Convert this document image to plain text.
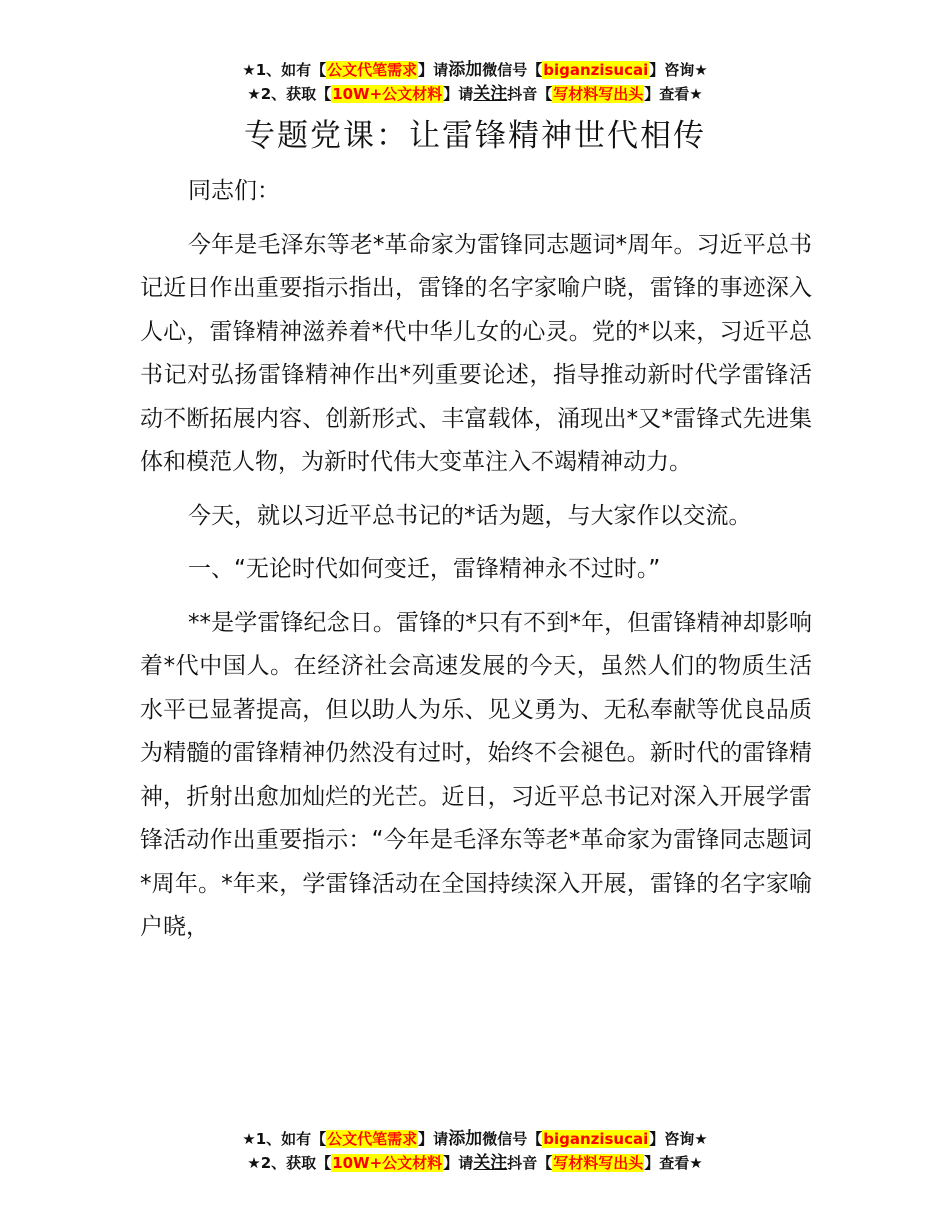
★1、如有【公文代笔需求】请添加微信号【biganzisucai】咨询★
★2、获取【10W+公文材料】请关注抖音【写材料写出头】查看★
专题党课：让雷锋精神世代相传

同志们：

今年是毛泽东等老*革命家为雷锋同志题词*周年。习近平总书记近日作出重要指示指出，雷锋的名字家喻户晓，雷锋的事迹深入人心，雷锋精神滋养着*代中华儿女的心灵。党的*以来，习近平总书记对弘扬雷锋精神作出*列重要论述，指导推动新时代学雷锋活动不断拓展内容、创新形式、丰富载体，涌现出*又*雷锋式先进集体和模范人物，为新时代伟大变革注入不竭精神动力。

今天，就以习近平总书记的*话为题，与大家作以交流。

一、“无论时代如何变迁，雷锋精神永不过时。”

**是学雷锋纪念日。雷锋的*只有不到*年，但雷锋精神却影响着*代中国人。在经济社会高速发展的今天，虽然人们的物质生活水平已显著提高，但以助人为乐、见义勇为、无私奉献等优良品质为精髓的雷锋精神仍然没有过时，始终不会褪色。新时代的雷锋精神，折射出愈加灿烂的光芒。近日，习近平总书记对深入开展学雷锋活动作出重要指示：“今年是毛泽东等老*革命家为雷锋同志题词*周年。*年来，学雷锋活动在全国持续深入开展，雷锋的名字家喻户晓，

★1、如有【公文代笔需求】请添加微信号【biganzisucai】咨询★
★2、获取【10W+公文材料】请关注抖音【写材料写出头】查看★
